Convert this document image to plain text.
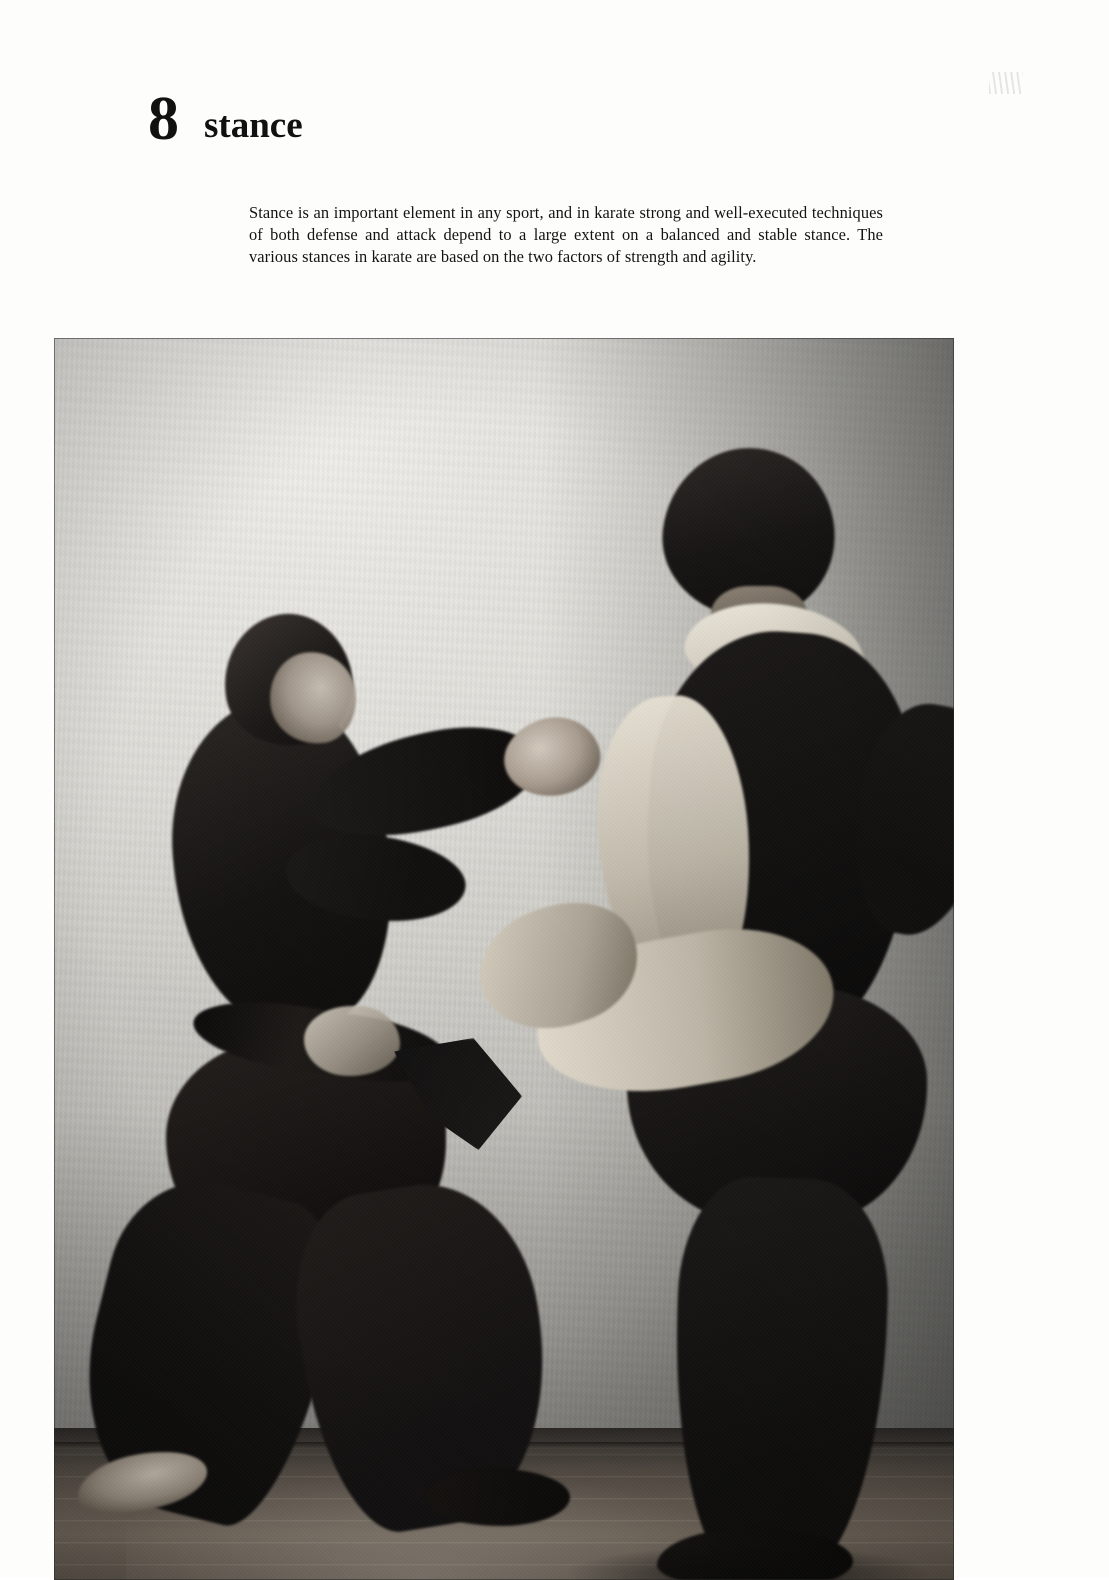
8 stance

Stance is an important element in any sport, and in karate strong and well-executed techniques of both defense and attack depend to a large extent on a balanced and stable stance. The various stances in karate are based on the two factors of strength and agility.
